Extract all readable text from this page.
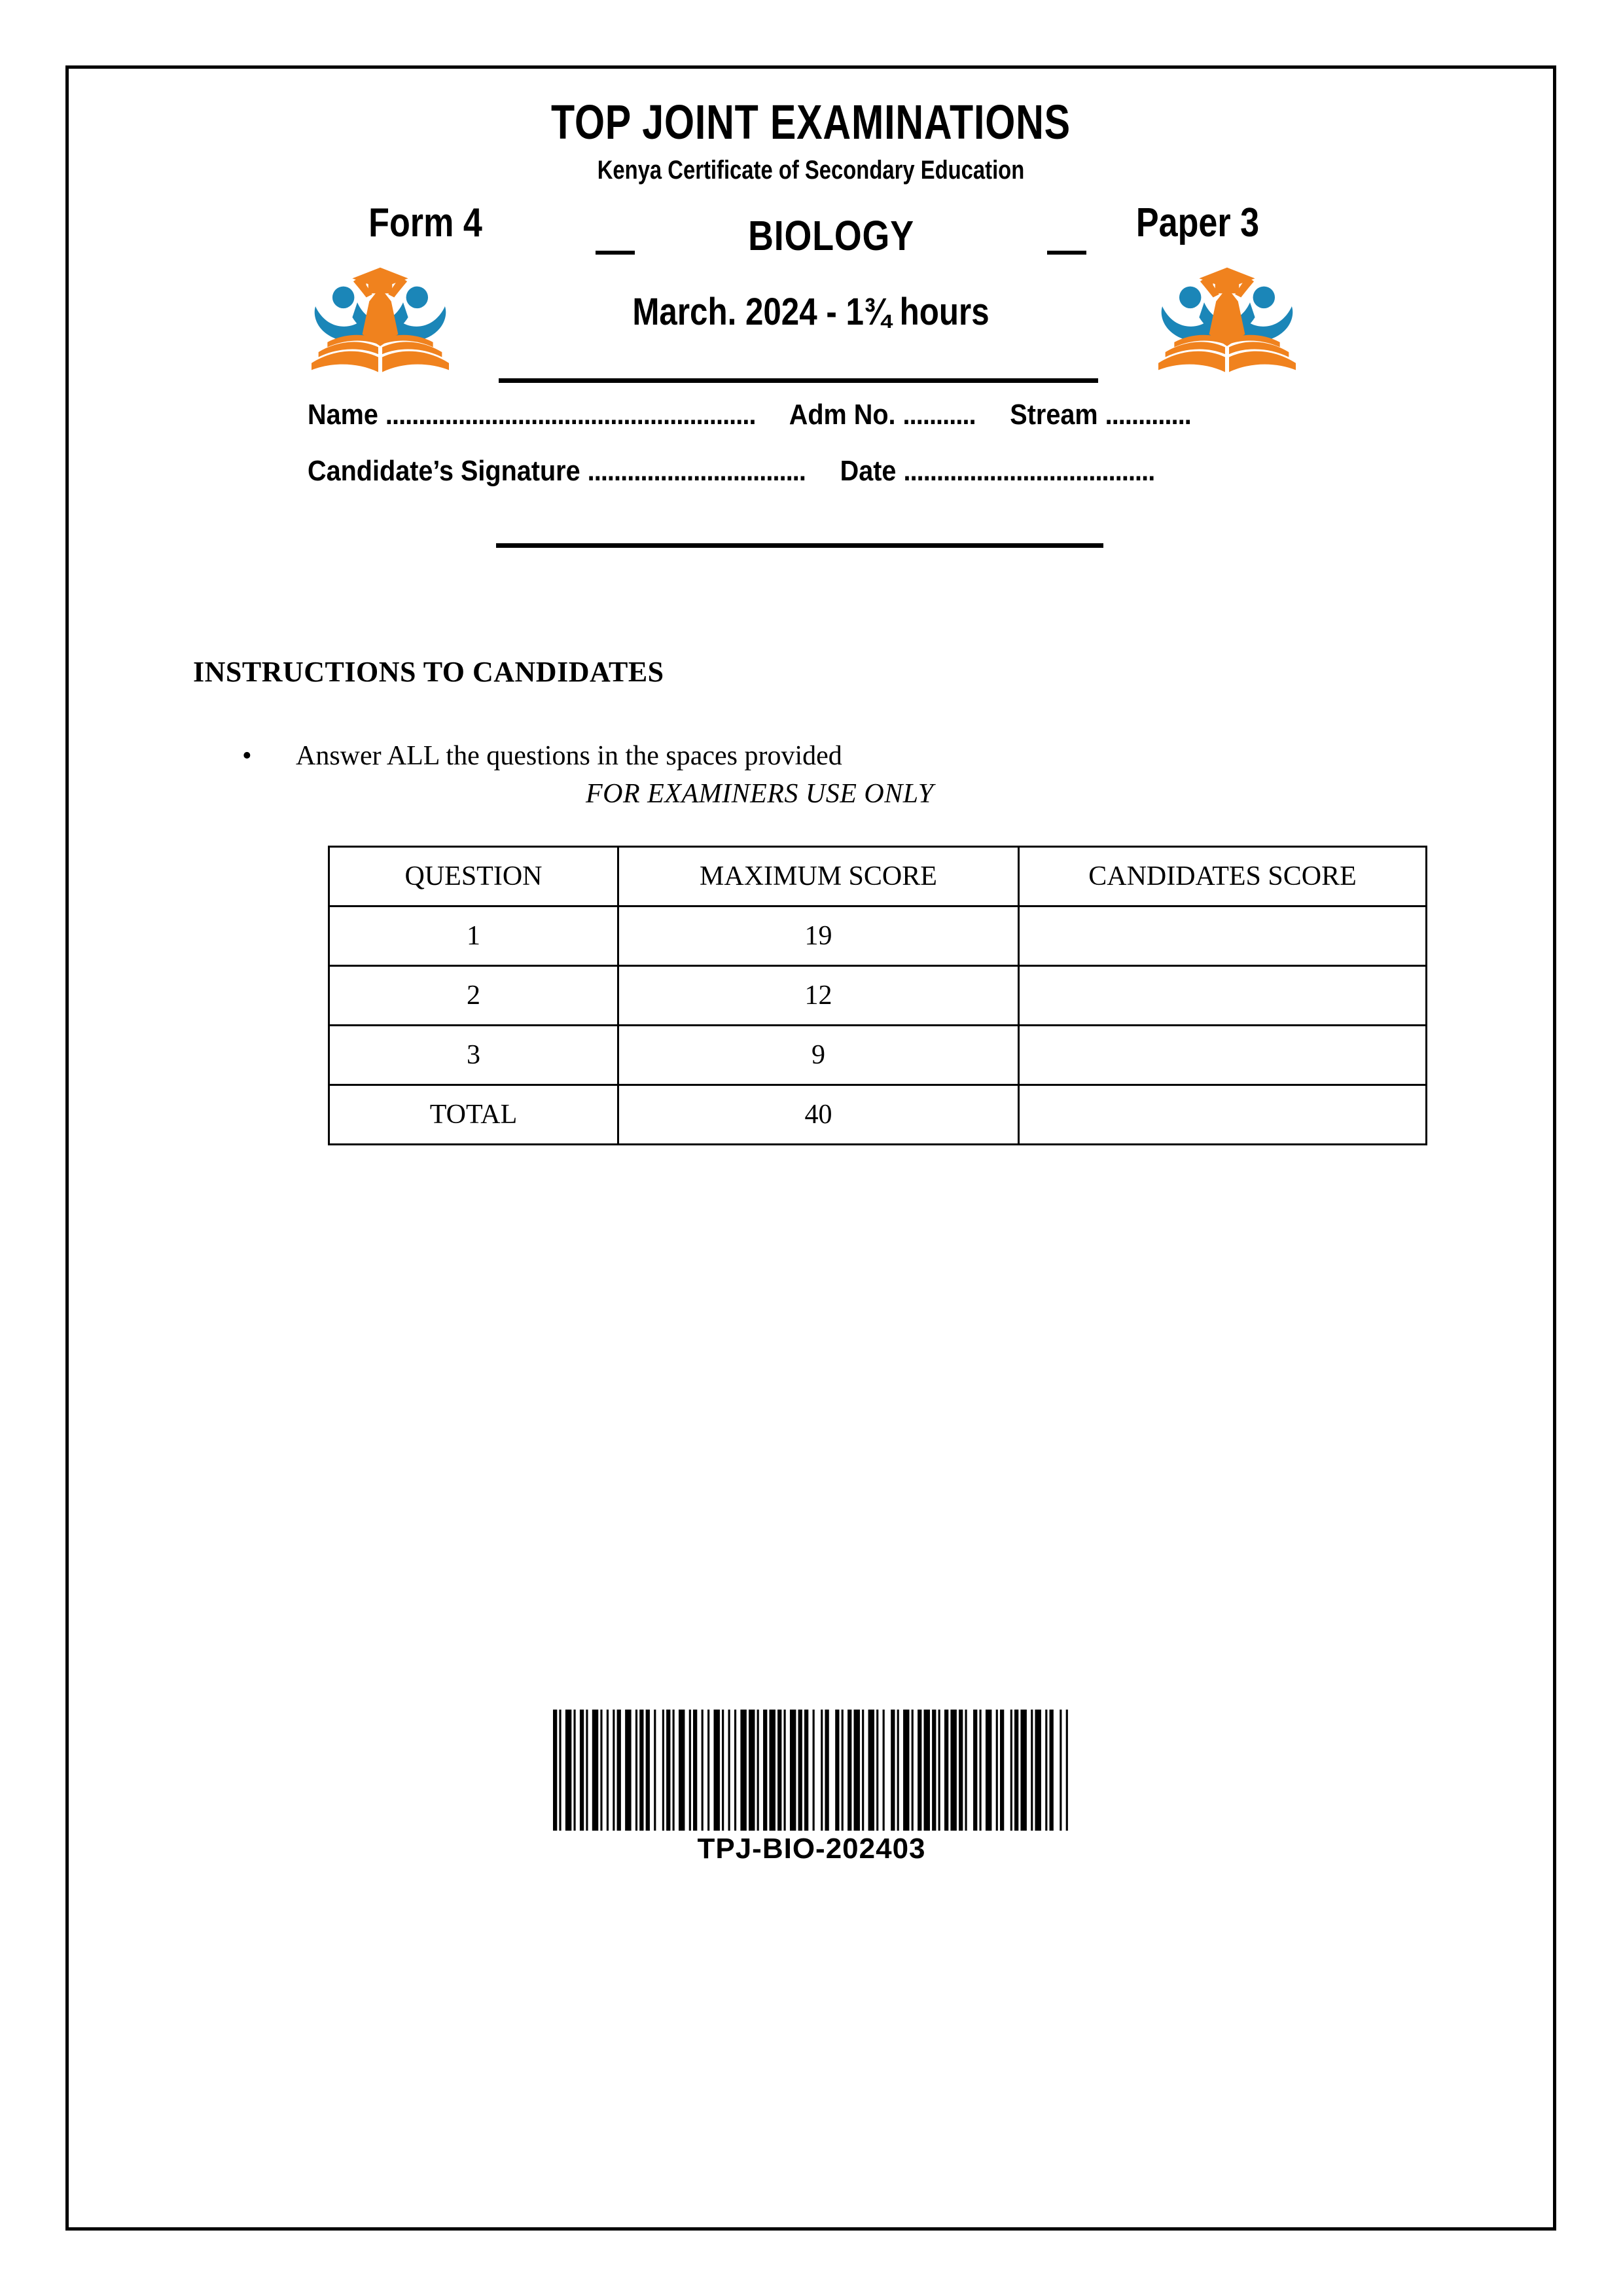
TOP JOINT EXAMINATIONS
Kenya Certificate of Secondary Education
Form 4
—	BIOLOGY	—
Paper 3
March. 2024 - 1¾ hours
Name ........................................................ Adm No. ........... Stream .............
Candidate’s Signature ................................. Date ......................................
INSTRUCTIONS TO CANDIDATES
• Answer ALL the questions in the spaces provided
FOR EXAMINERS USE ONLY
QUESTION	MAXIMUM SCORE	CANDIDATES SCORE
1	19	
2	12	
3	9	
TOTAL	40	
TPJ-BIO-202403
